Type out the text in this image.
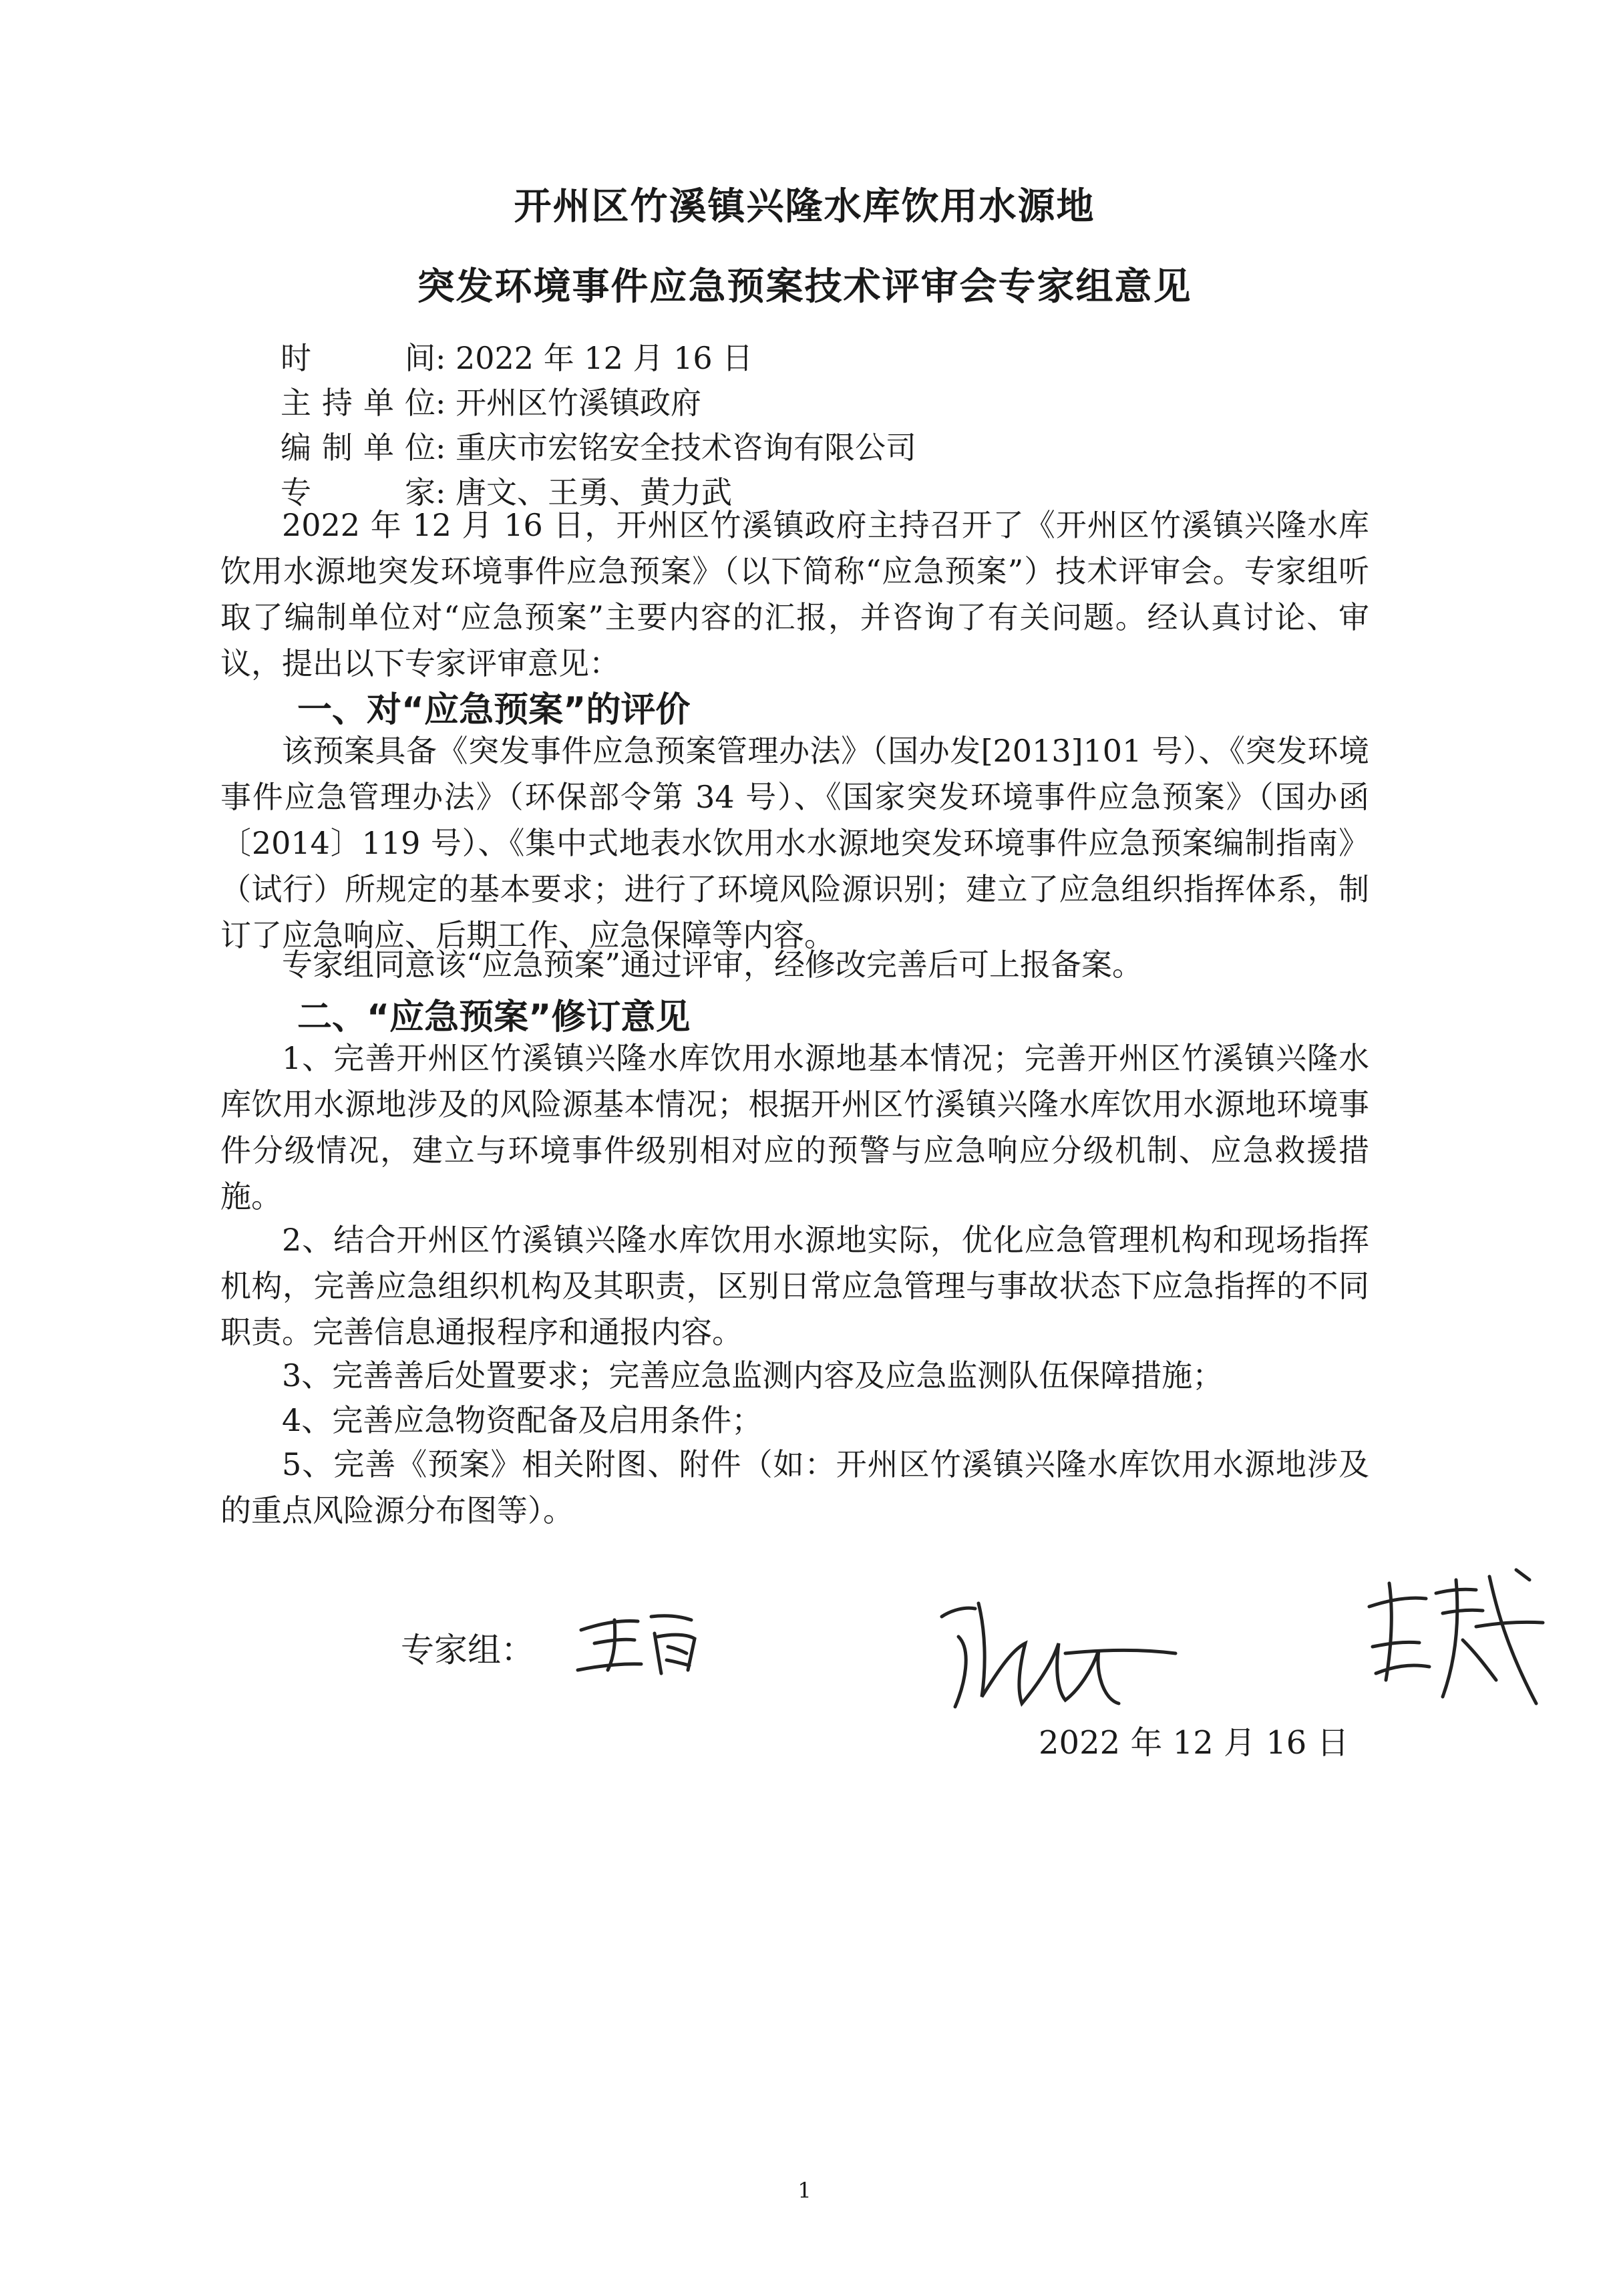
开州区竹溪镇兴隆水库饮用水源地
突发环境事件应急预案技术评审会专家组意见
时间: 2022 年 12 月 16 日
主持单位: 开州区竹溪镇政府
编制单位: 重庆市宏铭安全技术咨询有限公司
专家: 唐文、王勇、黄力武
2022 年 12 月 16 日，开州区竹溪镇政府主持召开了《开州区竹溪镇兴隆水库饮用水源地突发环境事件应急预案》（以下简称“应急预案”）技术评审会。专家组听取了编制单位对“应急预案”主要内容的汇报，并咨询了有关问题。经认真讨论、审议，提出以下专家评审意见：
一、对“应急预案”的评价
该预案具备《突发事件应急预案管理办法》（国办发[2013]101 号）、《突发环境事件应急管理办法》（环保部令第 34 号）、《国家突发环境事件应急预案》（国办函〔2014〕119 号）、《集中式地表水饮用水水源地突发环境事件应急预案编制指南》（试行）所规定的基本要求；进行了环境风险源识别；建立了应急组织指挥体系，制订了应急响应、后期工作、应急保障等内容。
专家组同意该“应急预案”通过评审，经修改完善后可上报备案。
二、“应急预案”修订意见
1、完善开州区竹溪镇兴隆水库饮用水源地基本情况；完善开州区竹溪镇兴隆水库饮用水源地涉及的风险源基本情况；根据开州区竹溪镇兴隆水库饮用水源地环境事件分级情况，建立与环境事件级别相对应的预警与应急响应分级机制、应急救援措施。
2、结合开州区竹溪镇兴隆水库饮用水源地实际，优化应急管理机构和现场指挥机构，完善应急组织机构及其职责，区别日常应急管理与事故状态下应急指挥的不同职责。完善信息通报程序和通报内容。
3、完善善后处置要求；完善应急监测内容及应急监测队伍保障措施；
4、完善应急物资配备及启用条件；
5、完善《预案》相关附图、附件（如：开州区竹溪镇兴隆水库饮用水源地涉及的重点风险源分布图等）。
专家组：
2022 年 12 月 16 日
1
